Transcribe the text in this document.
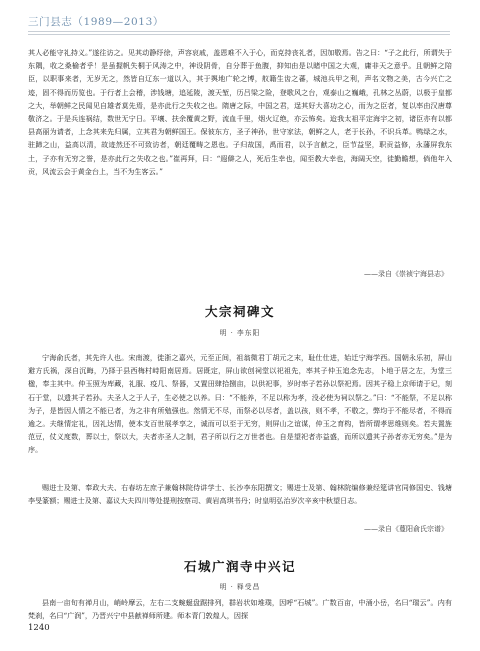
三门县志（1989—2013）

其人必能守礼持义。”遂往访之。见其动静纾徐，声容哀戚，盖恩难不入于心，而克持丧礼者，因加敬焉。告之曰：“子之此行，所谓失于东隅，收之桑榆者乎！是虽握帆失桐于风涛之中，神设阴骨，自分葬于鱼腹，抑知由是以睹中国之大观，庸非天之意乎。且朝鲜之陪臣，以职事来者，无岁无之，然皆自辽东一道以入，其于舆地广轮之博，舣籍生齿之蕃，城池兵甲之利，声名文物之美，古今兴亡之迹，固不得而历览也。于行者上会稽，涉钱塘，追延陵，渡天堑，历吕梁之险，登歌风之台，观泰山之巍峨，孔林之丛蔚，以极于皇都之大，举朝鲜之民闻见自雄者莫先焉，是亦此行之失收之也。隋唐之际，中国之君，逞其好大喜功之心，而为之臣者，复以率由汉唐尊敬济之。于是兵连祸结，数世无宁日。平壤、扶余覆黄之野，流血千里，烟火辽绝，亦云怖矣。迨我太祖平定海宇之初，诸臣亦有以都县高丽为请者，上念其来先归属，立其君为朝鲜国王。保彼东方，圣子神孙，世守家法，朝鲜之人，老于长孙，不识兵革。鸭绿之水，驻蹄之山，益高以清，故迹然还不可致访者，朝廷覆畴之恩也。子归故国，禹而君，以予言献之，臣节益坚，职贡益修，永藩屏我东土，子亦有无穷之誉，是亦此行之失收之也。”崔再拜，曰：“遐僻之人，死后生幸也，闻至教大幸也，海阔天空，徒勤瞻想，倘他年入贡，风流云会于黄金台上，当不为生客云。”

——录自《崇祯宁海县志》
大宗祠碑文
明 · 李东阳

宁海俞氏者，其先许人也。宋南渡，徙浙之嘉兴，元至正间，祖翁微君丁胡元之末，耻仕仕进，始迁宁海学西。国朝永乐初，屏山避方氏祸，深自沉晦，乃择于县西梅村峙阳南居焉。居既定，屏山欲创祠堂以祀祖先，率其子仲玉追念先志，卜地于居之左，为堂三楹，奉主其中。仲玉照为库藏，礼服、疫几、祭器，又置田肆拾捌亩，以供祀事，岁时率子若孙以祭祀焉。因其子稳上京师请于记，刻石于堂，以遗其子若孙。夫圣人之于人子，生必使之以养。曰：“不能养，不足以称为孝，没必使为祠以祭之。”曰：“不能祭，不足以称为子，是皆因人情之不能已者，为之非有所勉强也。然情无不尽，而祭必以尽者，盖以孩，则不孝，不敬之，弊均于不能尽者，不得而逾之。夫继情定礼，因礼达情，使本支百世展孝享之，诚而可以至于无穷，则屏山之谊谋，仲玉之育构，皆所谓孝思维则矣。若夫置旌范豆，仗义度数，葬以士，祭以大，夫者亦圣人之制，君子所以行之万世者也。自是望祀者亦益盛，而所以遗其子孙者亦无穷矣。”是为序。

赐进士及第、奉政大夫、右春坊左庶子兼翰林院侍讲学士、长沙李东阳撰文；赐进士及第、翰林院编修兼经筵讲官同修国史、钱塘李旻篆额；赐进士及第、嘉议大夫四川等处提刑按察司、黄岩高琪书丹；时皇明弘治岁次辛亥中秋望日志。

——录自《蔓阳俞氏宗谱》
石城广润寺中兴记
明 · 释受昌

县南一亩旬有禅月山，峭岭摩云，左右二支蜿蜒盘踞排列，群岩状如堆璞，因呼“石城”。广数百亩，中涌小岳，名曰“瑞云”。内有梵刹，名曰“广润”，乃晋兴宁中县献禅师所建。师本青门敦煌人，因探

1240
